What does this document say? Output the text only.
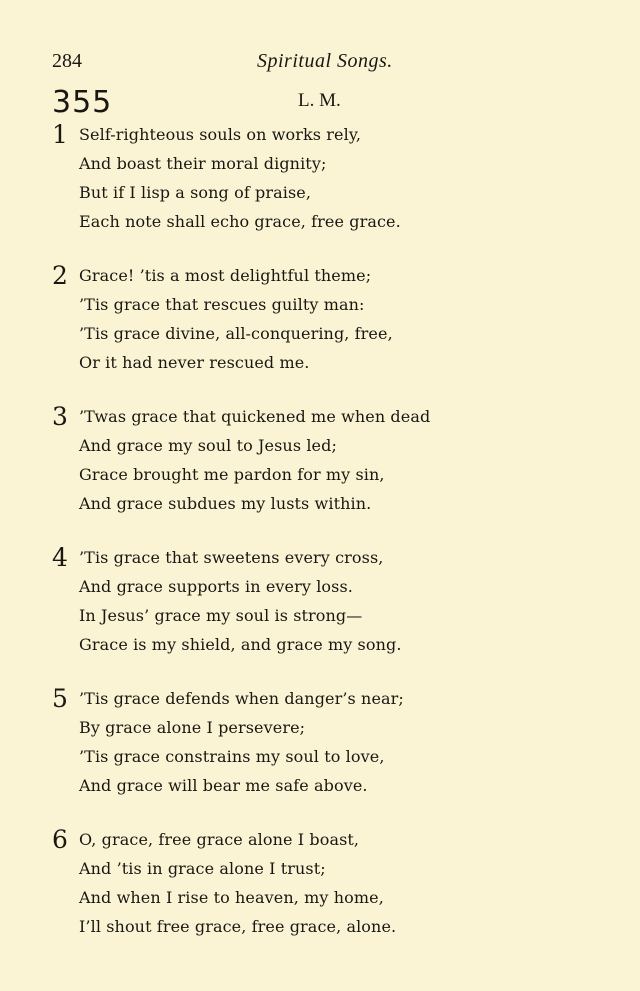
284	Spiritual Songs.
355	L. M.
1 Self-righteous souls on works rely,
And boast their moral dignity;
But if I lisp a song of praise,
Each note shall echo grace, free grace.
2 Grace! ’tis a most delightful theme;
’Tis grace that rescues guilty man:
’Tis grace divine, all-conquering, free,
Or it had never rescued me.
3 ’Twas grace that quickened me when dead
And grace my soul to Jesus led;
Grace brought me pardon for my sin,
And grace subdues my lusts within.
4 ’Tis grace that sweetens every cross,
And grace supports in every loss.
In Jesus’ grace my soul is strong—
Grace is my shield, and grace my song.
5 ’Tis grace defends when danger’s near;
By grace alone I persevere;
’Tis grace constrains my soul to love,
And grace will bear me safe above.
6 O, grace, free grace alone I boast,
And ’tis in grace alone I trust;
And when I rise to heaven, my home,
I’ll shout free grace, free grace, alone.
